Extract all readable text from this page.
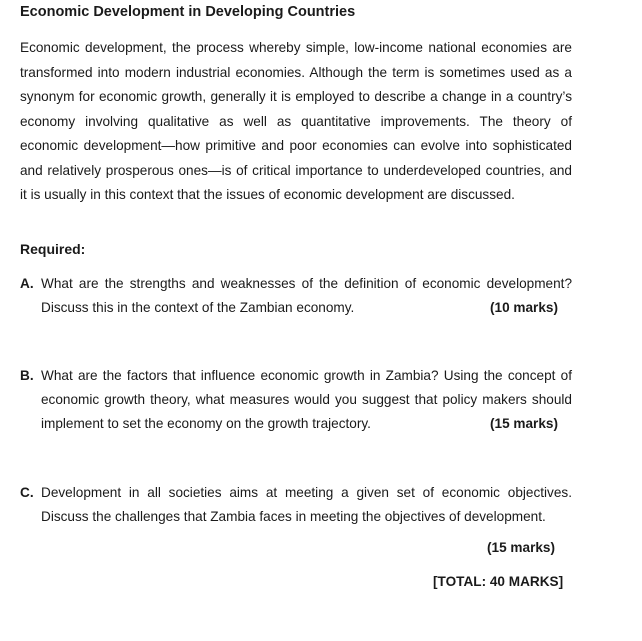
Economic Development in Developing Countries

Economic development, the process whereby simple, low-income national economies are transformed into modern industrial economies. Although the term is sometimes used as a synonym for economic growth, generally it is employed to describe a change in a country’s economy involving qualitative as well as quantitative improvements. The theory of economic development—how primitive and poor economies can evolve into sophisticated and relatively prosperous ones—is of critical importance to underdeveloped countries, and it is usually in this context that the issues of economic development are discussed.

Required:
A. What are the strengths and weaknesses of the definition of economic development? Discuss this in the context of the Zambian economy.	(10 marks)
B. What are the factors that influence economic growth in Zambia? Using the concept of economic growth theory, what measures would you suggest that policy makers should implement to set the economy on the growth trajectory.	(15 marks)
C. Development in all societies aims at meeting a given set of economic objectives. Discuss the challenges that Zambia faces in meeting the objectives of development.
(15 marks)
[TOTAL: 40 MARKS]
